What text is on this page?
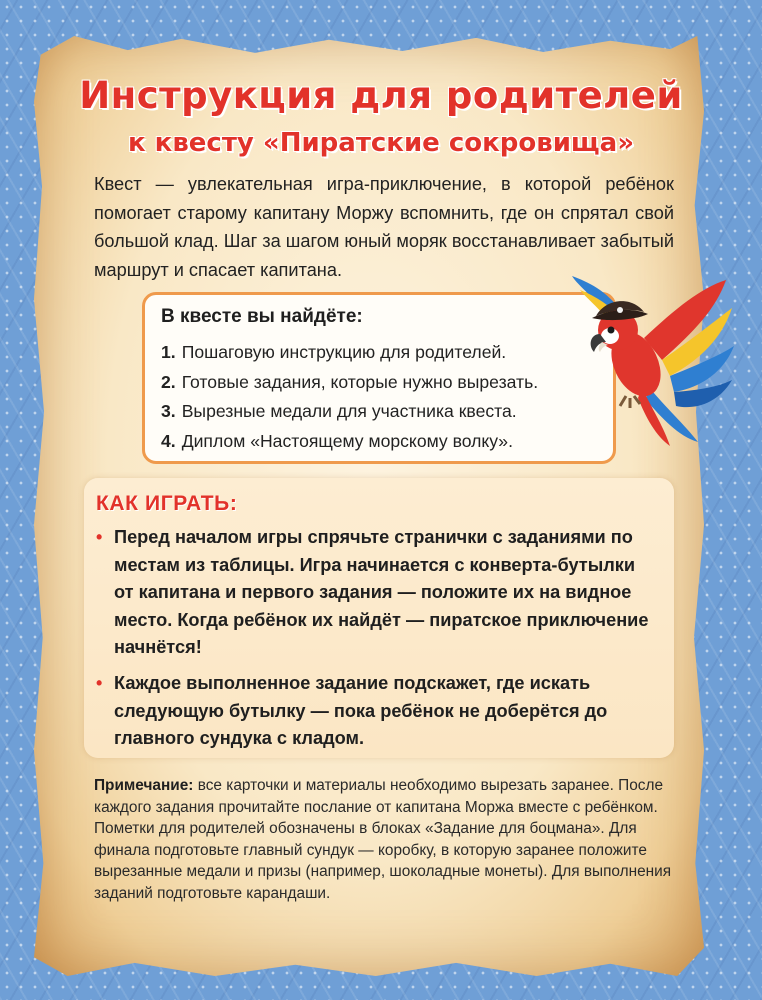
Инструкция для родителей
к квесту «Пиратские сокровища»

Квест — увлекательная игра-приключение, в которой ребёнок помогает старому капитану Моржу вспомнить, где он спрятал свой большой клад. Шаг за шагом юный моряк восстанавливает забытый маршрут и спасает капитана.

В квесте вы найдёте:
1. Пошаговую инструкцию для родителей.
2. Готовые задания, которые нужно вырезать.
3. Вырезные медали для участника квеста.
4. Диплом «Настоящему морскому волку».
КАК ИГРАТЬ:
• Перед началом игры спрячьте странички с заданиями по местам из таблицы. Игра начинается с конверта-бутылки от капитана и первого задания — положите их на видное место. Когда ребёнок их найдёт — пиратское приключение начнётся!
• Каждое выполненное задание подскажет, где искать следующую бутылку — пока ребёнок не доберётся до главного сундука с кладом.

Примечание: все карточки и материалы необходимо вырезать заранее. После каждого задания прочитайте послание от капитана Моржа вместе с ребёнком. Пометки для родителей обозначены в блоках «Задание для боцмана». Для финала подготовьте главный сундук — коробку, в которую заранее положите вырезанные медали и призы (например, шоколадные монеты). Для выполнения заданий подготовьте карандаши.
